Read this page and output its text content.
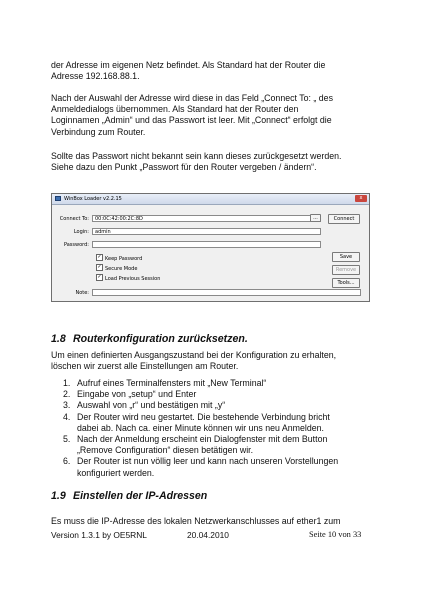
der Adresse im eigenen Netz befindet. Als Standard hat der Router die
Adresse 192.168.88.1.
Nach der Auswahl der Adresse wird diese in das Feld „Connect To: „ des
Anmeldedialogs übernommen. Als Standard hat der Router den
Loginnamen „Admin“ und das Passwort ist leer. Mit „Connect“ erfolgt die
Verbindung zum Router.
Sollte das Passwort nicht bekannt sein kann dieses zurückgesetzt werden.
Siehe dazu den Punkt „Passwort für den Router vergeben / ändern“.
WinBox Loader v2.2.15	x
Connect To:	00:0C:42:00:2C:8D	...	Connect
Login:	admin
Password:
Save
Remove
Tools...
✓ Keep Password
✓ Secure Mode
✓ Load Previous Session
Note:
1.8 Routerkonfiguration zurücksetzen.
Um einen definierten Ausgangszustand bei der Konfiguration zu erhalten,
löschen wir zuerst alle Einstellungen am Router.
1. Aufruf eines Terminalfensters mit „New Terminal“
2. Eingabe von „setup“ und Enter
3. Auswahl von „r“ und bestätigen mit „y“
4. Der Router wird neu gestartet. Die bestehende Verbindung bricht
dabei ab. Nach ca. einer Minute können wir uns neu Anmelden.
5. Nach der Anmeldung erscheint ein Dialogfenster mit dem Button
„Remove Configuration“ diesen betätigen wir.
6. Der Router ist nun völlig leer und kann nach unseren Vorstellungen
konfiguriert werden.
1.9 Einstellen der IP-Adressen
Es muss die IP-Adresse des lokalen Netzwerkanschlusses auf ether1 zum
Version 1.3.1 by OE5RNL	20.04.2010	Seite 10 von 33
